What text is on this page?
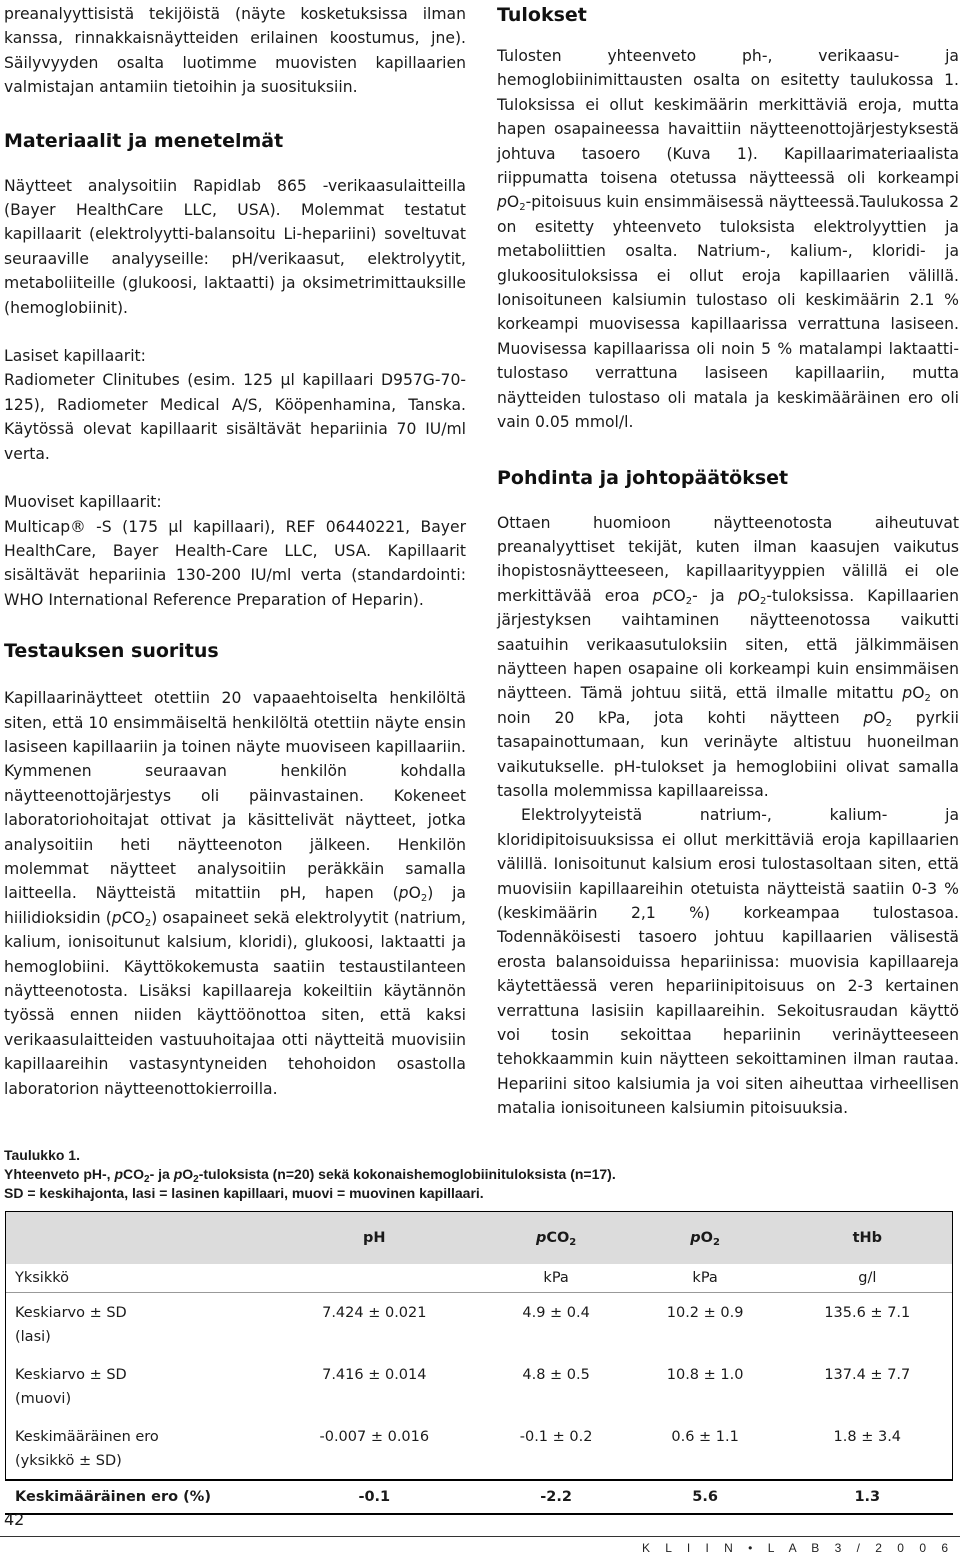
preanalyyttisistä tekijöistä (näyte kosketuksissa ilman kanssa, rinnakkaisnäytteiden erilainen koostumus, jne). Säilyvyyden osalta luotimme muovisten kapillaarien valmistajan antamiin tietoihin ja suosituksiin.

Materiaalit ja menetelmät

Näytteet analysoitiin Rapidlab 865 -verikaasulaitteilla (Bayer HealthCare LLC, USA). Molemmat testatut kapillaarit (elektrolyytti-balansoitu Li-hepariini) soveltuvat seuraaville analyyseille: pH/verikaasut, elektrolyytit, metaboliiteille (glukoosi, laktaatti) ja oksimetrimittauksille (hemoglobiinit).

Lasiset kapillaarit:

Radiometer Clinitubes (esim. 125 µl kapillaari D957G-70-125), Radiometer Medical A/S, Kööpenhamina, Tanska. Käytössä olevat kapillaarit sisältävät hepariinia 70 IU/ml verta.

Muoviset kapillaarit:

Multicap® -S (175 µl kapillaari), REF 06440221, Bayer HealthCare, Bayer Health-Care LLC, USA. Kapillaarit sisältävät hepariinia 130-200 IU/ml verta (standardointi: WHO International Reference Preparation of Heparin).

Testauksen suoritus

Kapillaarinäytteet otettiin 20 vapaaehtoiselta henkilöltä siten, että 10 ensimmäiseltä henkilöltä otettiin näyte ensin lasiseen kapillaariin ja toinen näyte muoviseen kapillaariin. Kymmenen seuraavan henkilön kohdalla näytteenottojärjestys oli päinvastainen. Kokeneet laboratoriohoitajat ottivat ja käsittelivät näytteet, jotka analysoitiin heti näytteenoton jälkeen. Henkilön molemmat näytteet analysoitiin peräkkäin samalla laitteella. Näytteistä mitattiin pH, hapen $(pO_2)$ ja hiilidioksidin (pCO$_2$) osapaineet sekä elektrolyytit (natrium, kalium, ionisoitunut kalsium, kloridi), glukoosi, laktaatti ja hemoglobiini. Käyttökokemusta saatiin testaustilanteen näytteenotosta. Lisäksi kapillaareja kokeiltiin käytännön työssä ennen niiden käyttöönottoa siten, että kaksi verikaasulaitteiden vastuuhoitajaa otti näytteitä muovisiin kapillaareihin vastasyntyneiden tehohoidon osastolla laboratorion näytteenottokierroilla.

Tulokset

Tulosten yhteenveto ph-, verikaasu- ja hemoglobiinimittausten osalta on esitetty taulukossa 1. Tuloksissa ei ollut keskimäärin merkittäviä eroja, mutta hapen osapaineessa havaittiin näytteenottojärjestyksestä johtuva tasoero (Kuva 1). Kapillaarimateriaalista riippumatta toisena otetussa näytteessä oli korkeampi $pO_2$-pitoisuus kuin ensimmäisessä näytteessä.Taulukossa 2 on esitetty yhteenveto tuloksista elektrolyyttien ja metaboliittien osalta. Natrium-, kalium-, kloridi- ja glukoosituloksissa ei ollut eroja kapillaarien välillä. Ionisoituneen kalsiumin tulostaso oli keskimäärin 2.1 % korkeampi muovisessa kapillaarissa verrattuna lasiseen. Muovisessa kapillaarissa oli noin 5 % matalampi laktaatti-tulostaso verrattuna lasiseen kapillaariin, mutta näytteiden tulostaso oli matala ja keskimääräinen ero oli vain 0.05 mmol/l.

Pohdinta ja johtopäätökset

Ottaen huomioon näytteenotosta aiheutuvat preanalyyttiset tekijät, kuten ilman kaasujen vaikutus ihopistosnäytteeseen, kapillaarityyppien välillä ei ole merkittävää eroa pCO$_2$- ja $pO_2$-tuloksissa. Kapillaarien järjestyksen vaihtaminen näytteenotossa vaikutti saatuihin verikaasutuloksiin siten, että jälkimmäisen näytteen hapen osapaine oli korkeampi kuin ensimmäisen näytteen. Tämä johtuu siitä, että ilmalle mitattu $pO_2$ on noin 20 kPa, jota kohti näytteen $pO_2$ pyrkii tasapainottumaan, kun verinäyte altistuu huoneilman vaikutukselle. pH-tulokset ja hemoglobiini olivat samalla tasolla molemmissa kapillaareissa.

Elektrolyyteistä natrium-, kalium- ja kloridipitoisuuksissa ei ollut merkittäviä eroja kapillaarien välillä. Ionisoitunut kalsium erosi tulostasoltaan siten, että muovisiin kapillaareihin otetuista näytteistä saatiin 0-3 % (keskimäärin 2,1 %) korkeampaa tulostasoa. Todennäköisesti tasoero johtuu kapillaarien välisestä erosta balansoiduissa hepariinissa: muovisia kapillaareja käytettäessä veren hepariinipitoisuus on 2-3 kertainen verrattuna lasisiin kapillaareihin. Sekoitusraudan käyttö voi tosin sekoittaa hepariinin verinäytteeseen tehokkaammin kuin näytteen sekoittaminen ilman rautaa. Hepariini sitoo kalsiumia ja voi siten aiheuttaa virheellisen matalia ionisoituneen kalsiumin pitoisuuksia.

Taulukko 1.
Yhteenveto pH-, pCO$_2$- ja $pO_2$-tuloksista (n=20) sekä kokonaishemoglobiinituloksista (n=17).
SD = keskihajonta, lasi = lasinen kapillaari, muovi = muovinen kapillaari.
	pH	pCO$_2$	$pO_2$	tHb
Yksikkö		kPa	kPa	g/l

Keskiarvo ± SD
(lasi)	7.424 ± 0.021	4.9 ± 0.4	10.2 ± 0.9	135.6 ± 7.1

Keskiarvo ± SD
(muovi)	7.416 ± 0.014	4.8 ± 0.5	10.8 ± 1.0	137.4 ± 7.7

Keskimääräinen ero
(yksikkö ± SD)	-0.007 ± 0.016	-0.1 ± 0.2	0.6 ± 1.1	1.8 ± 3.4
Keskimääräinen ero (%)	-0.1	-2.2	5.6	1.3

42
K L I I N • L A B 3 / 2 0 0 6
